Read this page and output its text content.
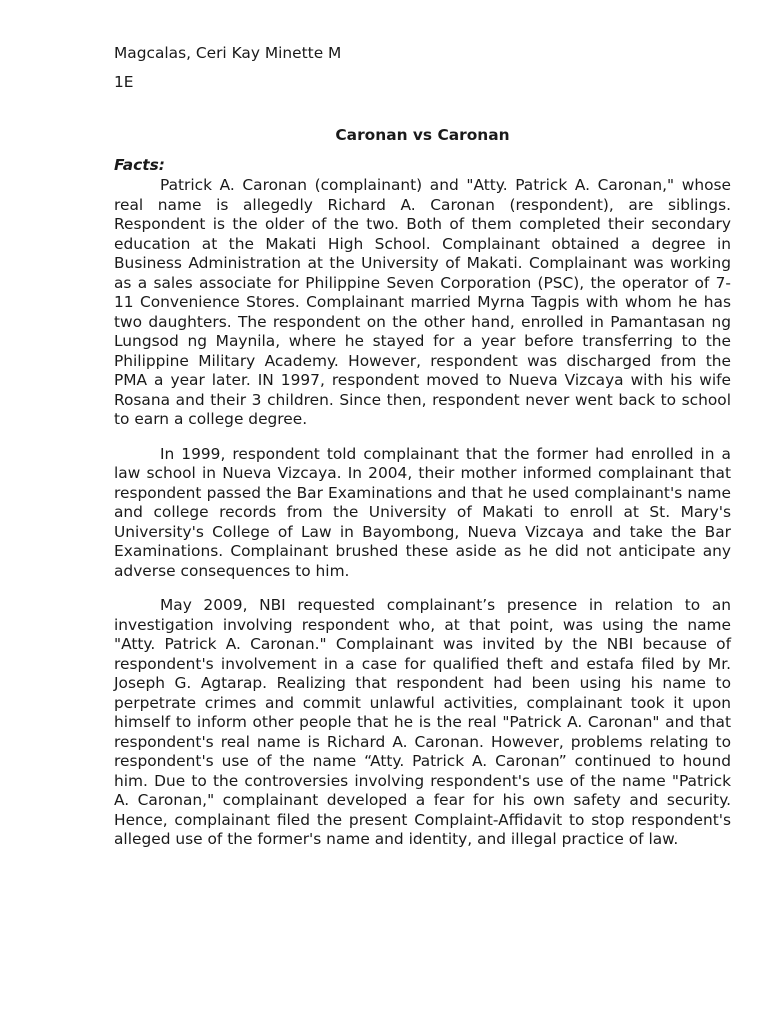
Magcalas, Ceri Kay Minette M

1E

Caronan vs Caronan
Facts:

Patrick A. Caronan (complainant) and "Atty. Patrick A. Caronan," whose real name is allegedly Richard A. Caronan (respondent), are siblings. Respondent is the older of the two. Both of them completed their secondary education at the Makati High School. Complainant obtained a degree in Business Administration at the University of Makati. Complainant was working as a sales associate for Philippine Seven Corporation (PSC), the operator of 7-11 Convenience Stores. Complainant married Myrna Tagpis with whom he has two daughters. The respondent on the other hand, enrolled in Pamantasan ng Lungsod ng Maynila, where he stayed for a year before transferring to the Philippine Military Academy. However, respondent was discharged from the PMA a year later. IN 1997, respondent moved to Nueva Vizcaya with his wife Rosana and their 3 children. Since then, respondent never went back to school to earn a college degree.

In 1999, respondent told complainant that the former had enrolled in a law school in Nueva Vizcaya. In 2004, their mother informed complainant that respondent passed the Bar Examinations and that he used complainant's name and college records from the University of Makati to enroll at St. Mary's University's College of Law in Bayombong, Nueva Vizcaya and take the Bar Examinations. Complainant brushed these aside as he did not anticipate any adverse consequences to him.

May 2009, NBI requested complainant’s presence in relation to an investigation involving respondent who, at that point, was using the name "Atty. Patrick A. Caronan." Complainant was invited by the NBI because of respondent's involvement in a case for qualified theft and estafa filed by Mr. Joseph G. Agtarap. Realizing that respondent had been using his name to perpetrate crimes and commit unlawful activities, complainant took it upon himself to inform other people that he is the real "Patrick A. Caronan" and that respondent's real name is Richard A. Caronan. However, problems relating to respondent's use of the name “Atty. Patrick A. Caronan” continued to hound him. Due to the controversies involving respondent's use of the name "Patrick A. Caronan," complainant developed a fear for his own safety and security. Hence, complainant filed the present Complaint-Affidavit to stop respondent's alleged use of the former's name and identity, and illegal practice of law.
